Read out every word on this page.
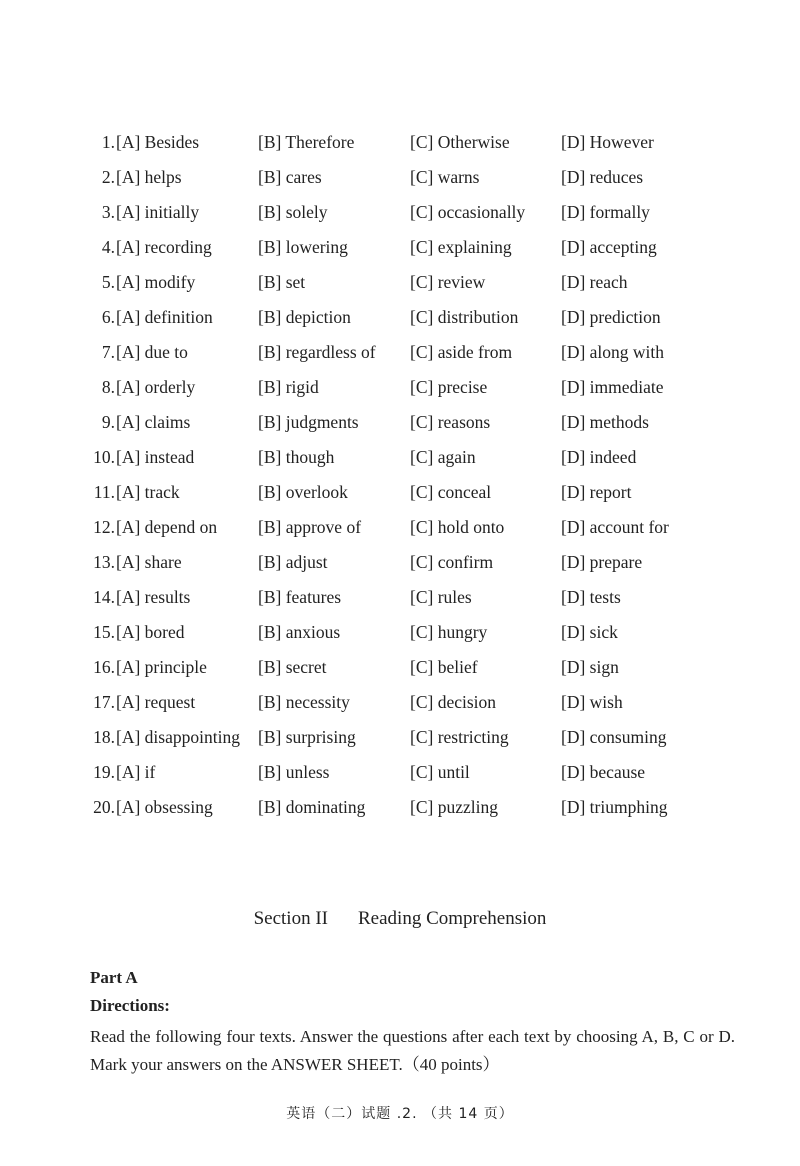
1. [A] Besides	[B] Therefore	[C] Otherwise	[D] However
2. [A] helps	[B] cares	[C] warns	[D] reduces
3. [A] initially	[B] solely	[C] occasionally [D] formally
4. [A] recording	[B] lowering	[C] explaining	[D] accepting
5. [A] modify	[B] set	[C] review	[D] reach
6. [A] definition	[B] depiction	[C] distribution [D] prediction
7. [A] due to	[B] regardless of [C] aside from	[D] along with
8. [A] orderly	[B] rigid	[C] precise	[D] immediate
9. [A] claims	[B] judgments	[C] reasons	[D] methods
10. [A] instead	[B] though	[C] again	[D] indeed
11. [A] track	[B] overlook	[C] conceal	[D] report
12. [A] depend on [B] approve of	[C] hold onto	[D] account for
13. [A] share	[B] adjust	[C] confirm	[D] prepare
14. [A] results	[B] features	[C] rules	[D] tests
15. [A] bored	[B] anxious	[C] hungry	[D] sick
16. [A] principle	[B] secret	[C] belief	[D] sign
17. [A] request	[B] necessity	[C] decision	[D] wish
18. [A] disappointing [B] surprising	[C] restricting	[D] consuming
19. [A] if	[B] unless	[C] until	[D] because
20. [A] obsessing	[B] dominating	[C] puzzling	[D] triumphing
Section II Reading Comprehension
Part A
Directions:
Read the following four texts. Answer the questions after each text by choosing A, B, C or D. Mark your answers on the ANSWER SHEET.（40 points）
英语（二）试题 .2. （共 14 页）
